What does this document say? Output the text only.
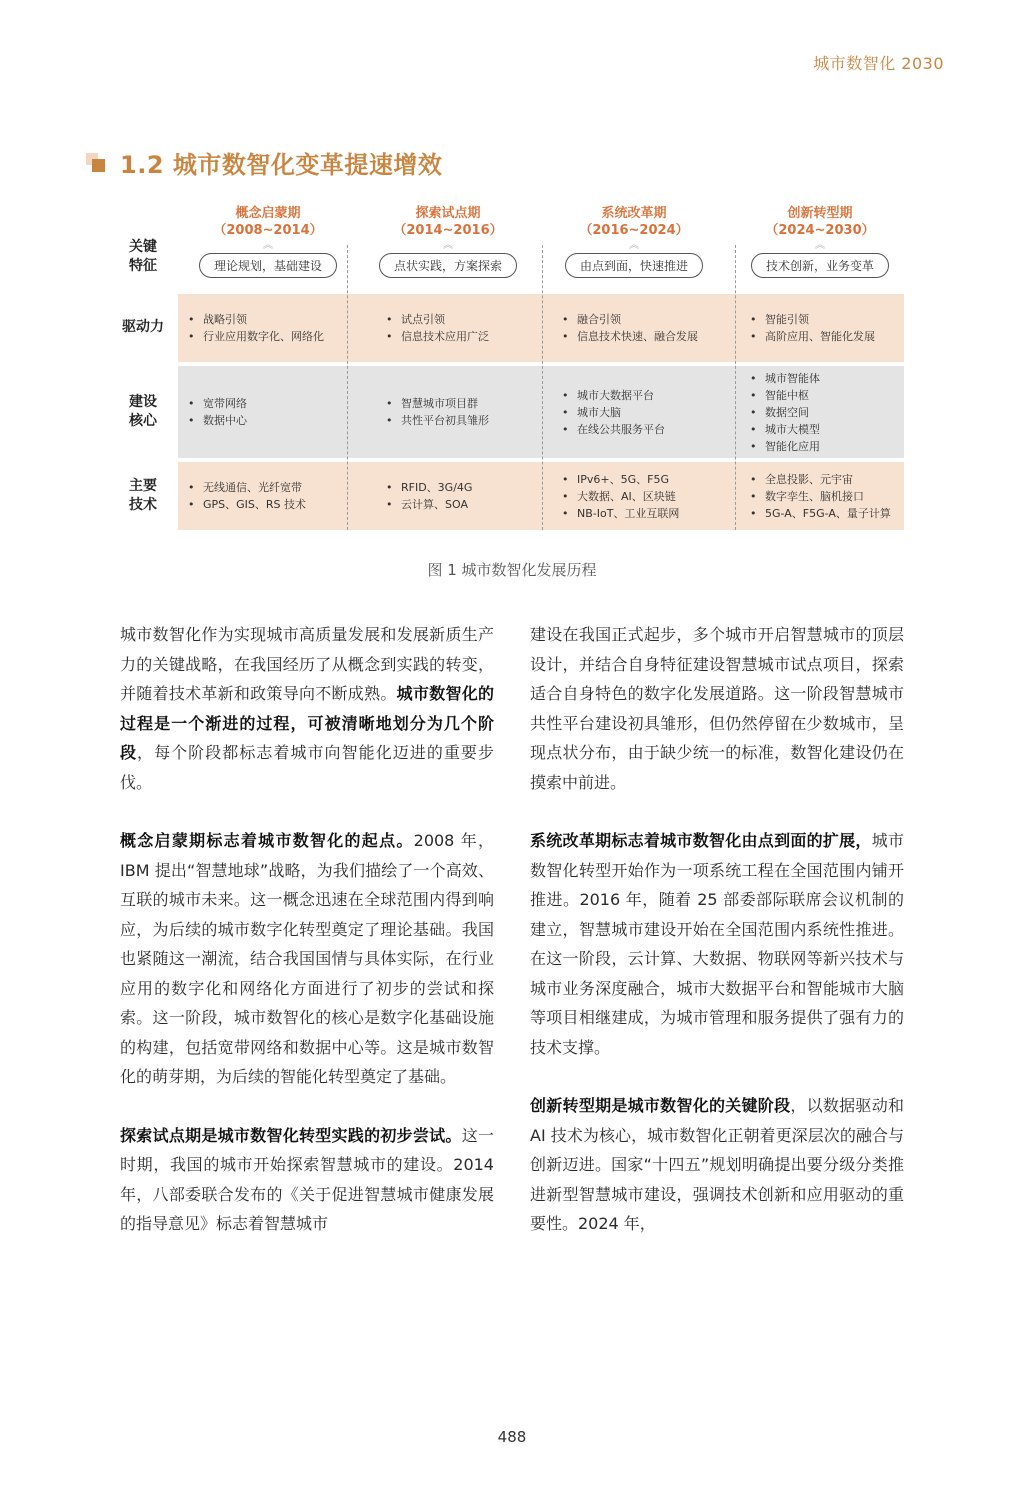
城市数智化 2030
1.2 城市数智化变革提速增效
关键
特征
概念启蒙期
（2008~2014）
︽
理论规划，基础建设
探索试点期
（2014~2016）
︽
点状实践，方案探索
系统改革期
（2016~2024）
︽
由点到面，快速推进
创新转型期
（2024~2030）
︽
技术创新，业务变革
驱动力
建设
核心
主要
技术
• 战略引领
• 行业应用数字化、网络化
• 试点引领
• 信息技术应用广泛
• 融合引领
• 信息技术快速、融合发展
• 智能引领
• 高阶应用、智能化发展
• 宽带网络
• 数据中心
• 智慧城市项目群
• 共性平台初具雏形
• 城市大数据平台
• 城市大脑
• 在线公共服务平台
• 城市智能体
• 智能中枢
• 数据空间
• 城市大模型
• 智能化应用
• 无线通信、光纤宽带
• GPS、GIS、RS 技术
• RFID、3G/4G
• 云计算、SOA
• IPv6+、5G、F5G
• 大数据、AI、区块链
• NB-IoT、工业互联网
• 全息投影、元宇宙
• 数字孪生、脑机接口
• 5G-A、F5G-A、量子计算
图 1 城市数智化发展历程

城市数智化作为实现城市高质量发展和发展新质生产力的关键战略，在我国经历了从概念到实践的转变，并随着技术革新和政策导向不断成熟。城市数智化的过程是一个渐进的过程，可被清晰地划分为几个阶段，每个阶段都标志着城市向智能化迈进的重要步伐。

概念启蒙期标志着城市数智化的起点。2008 年，IBM 提出“智慧地球”战略，为我们描绘了一个高效、互联的城市未来。这一概念迅速在全球范围内得到响应，为后续的城市数字化转型奠定了理论基础。我国也紧随这一潮流，结合我国国情与具体实际，在行业应用的数字化和网络化方面进行了初步的尝试和探索。这一阶段，城市数智化的核心是数字化基础设施的构建，包括宽带网络和数据中心等。这是城市数智化的萌芽期，为后续的智能化转型奠定了基础。

探索试点期是城市数智化转型实践的初步尝试。这一时期，我国的城市开始探索智慧城市的建设。2014 年，八部委联合发布的《关于促进智慧城市健康发展的指导意见》标志着智慧城市

建设在我国正式起步，多个城市开启智慧城市的顶层设计，并结合自身特征建设智慧城市试点项目，探索适合自身特色的数字化发展道路。这一阶段智慧城市共性平台建设初具雏形，但仍然停留在少数城市，呈现点状分布，由于缺少统一的标准，数智化建设仍在摸索中前进。

系统改革期标志着城市数智化由点到面的扩展，城市数智化转型开始作为一项系统工程在全国范围内铺开推进。2016 年，随着 25 部委部际联席会议机制的建立，智慧城市建设开始在全国范围内系统性推进。在这一阶段，云计算、大数据、物联网等新兴技术与城市业务深度融合，城市大数据平台和智能城市大脑等项目相继建成，为城市管理和服务提供了强有力的技术支撑。

创新转型期是城市数智化的关键阶段，以数据驱动和 AI 技术为核心，城市数智化正朝着更深层次的融合与创新迈进。国家“十四五”规划明确提出要分级分类推进新型智慧城市建设，强调技术创新和应用驱动的重要性。2024 年，

488
